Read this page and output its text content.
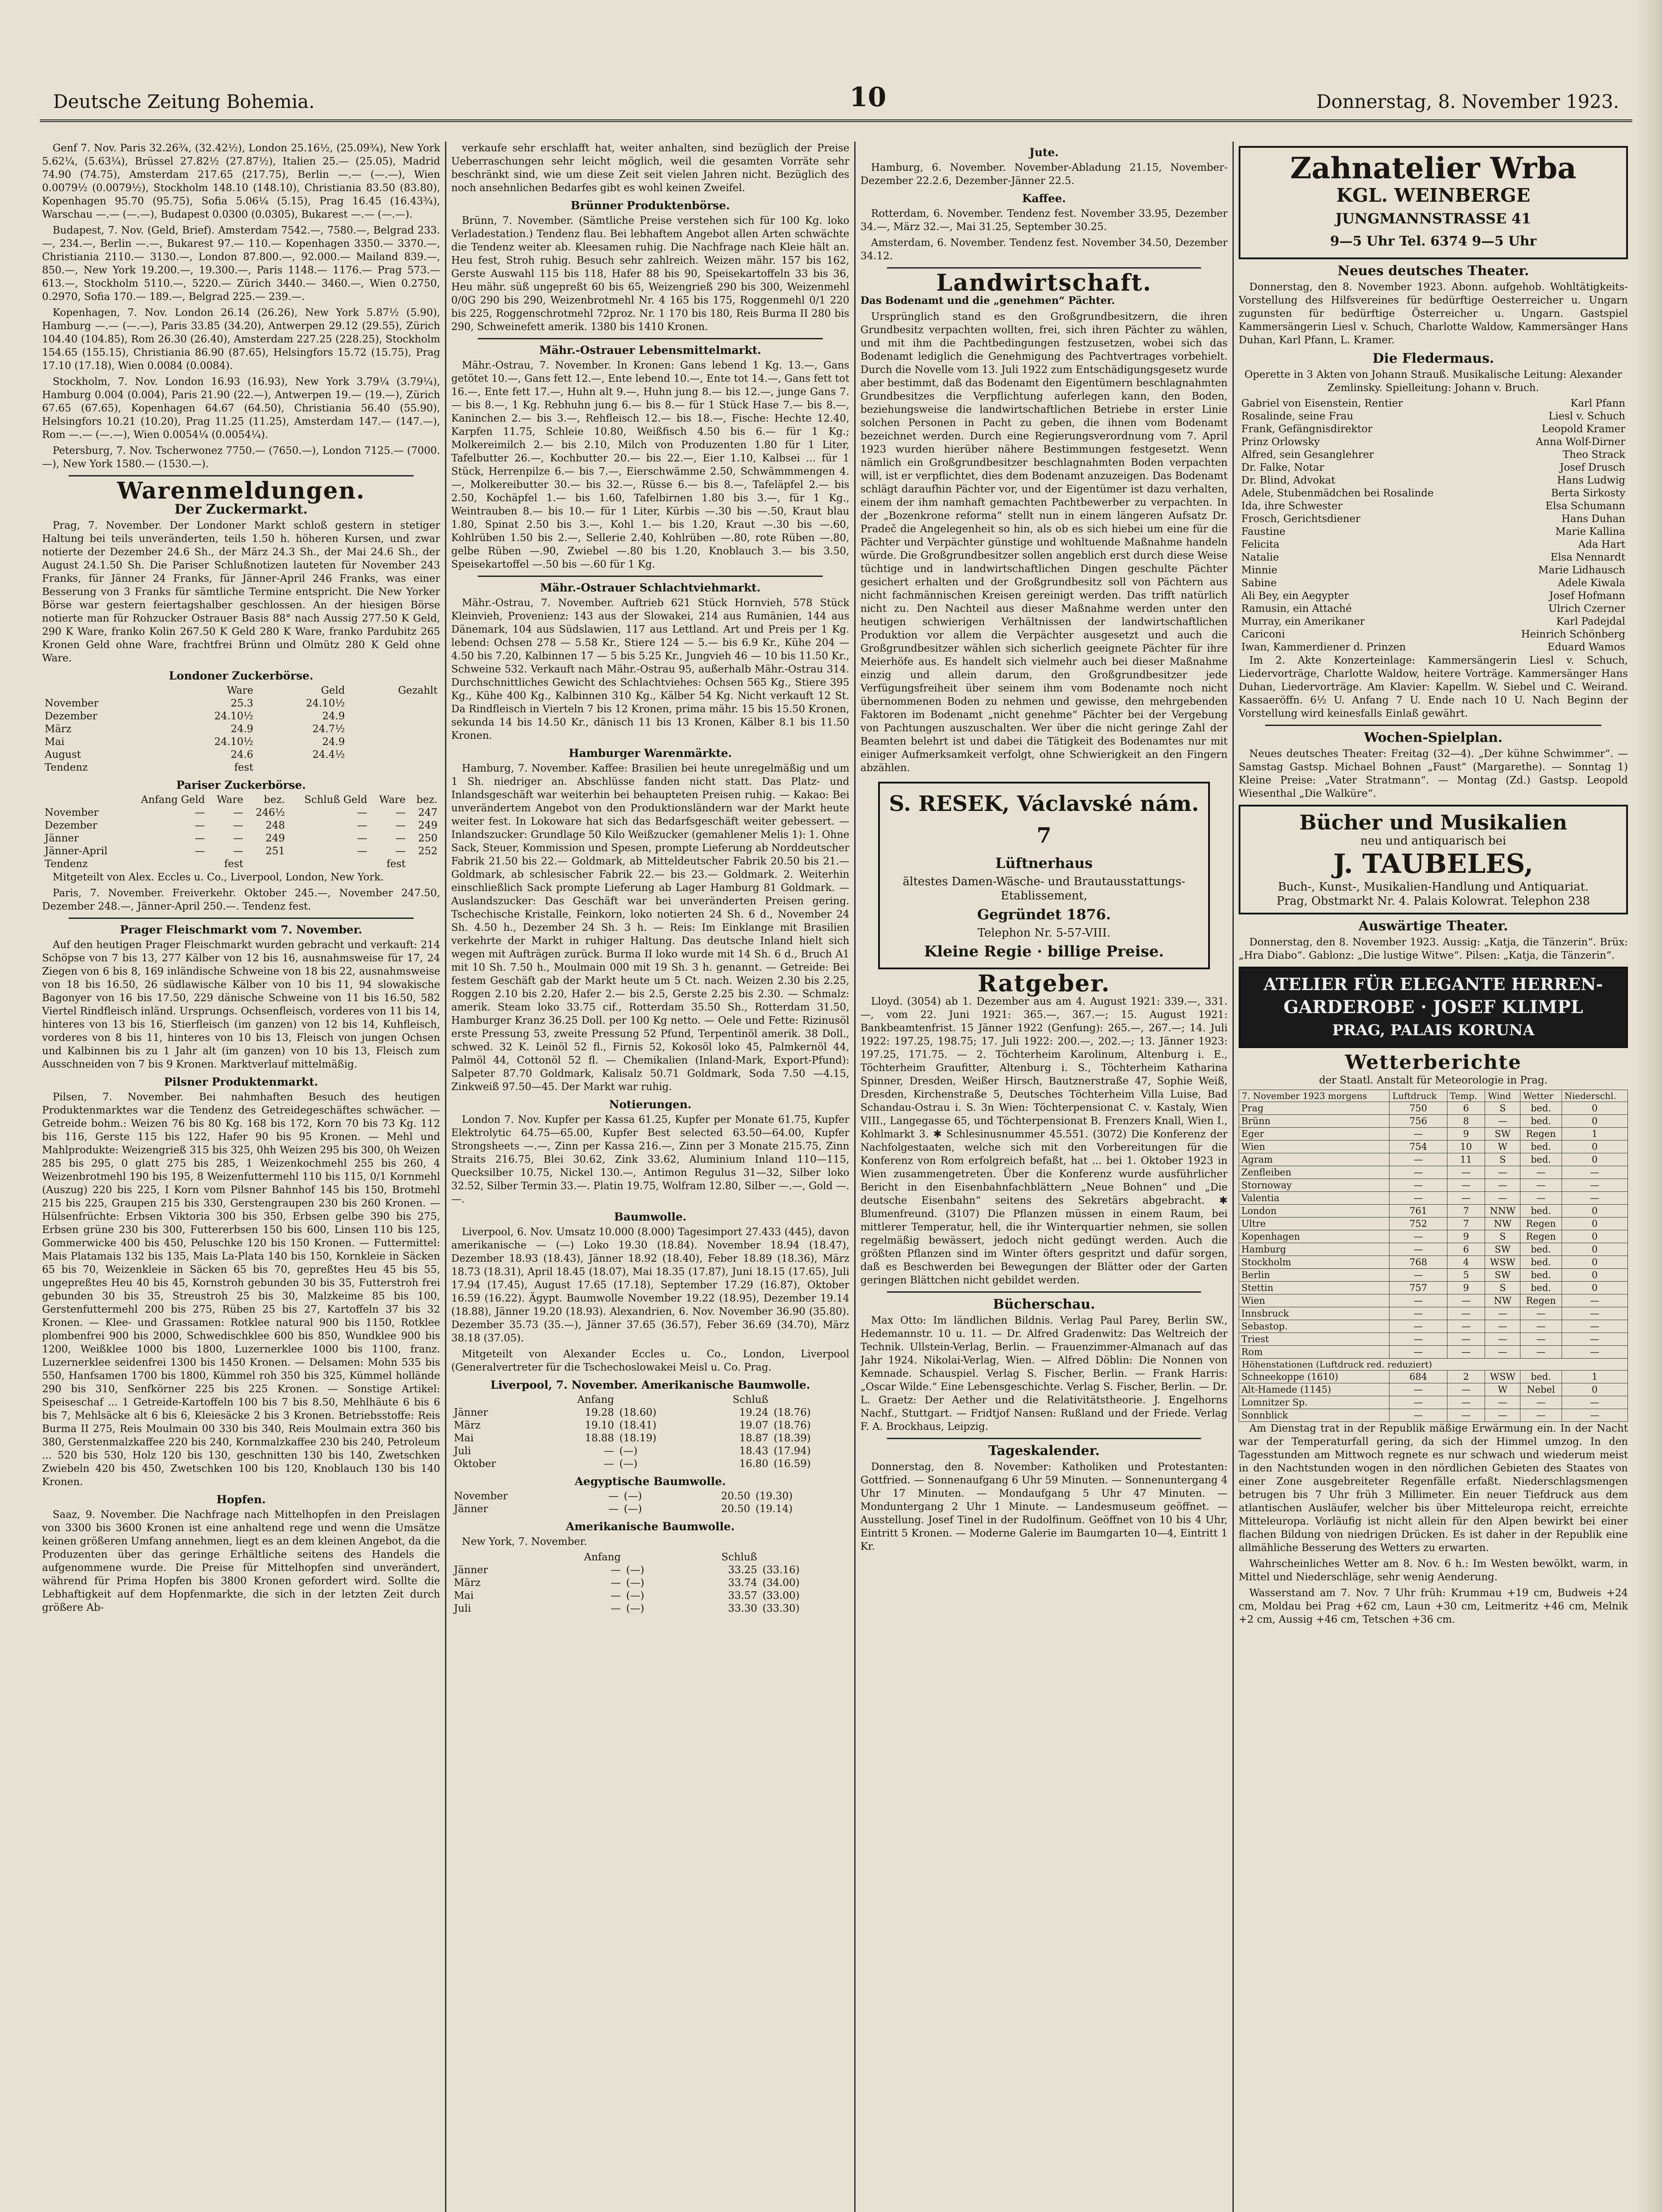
Deutsche Zeitung Bohemia.	10	Donnerstag, 8. November 1923.

Genf 7. Nov. Paris 32.26¾, (32.42½), London 25.16½, (25.09¾), New York 5.62¼, (5.63¼), Brüssel 27.82½ (27.87½), Italien 25.— (25.05), Madrid 74.90 (74.75), Amsterdam 217.65 (217.75), Berlin —.— (—.—), Wien 0.0079½ (0.0079½), Stockholm 148.10 (148.10), Christiania 83.50 (83.80), Kopenhagen 95.70 (95.75), Sofia 5.06¼ (5.15), Prag 16.45 (16.43¾), Warschau —.— (—.—), Budapest 0.0300 (0.0305), Bukarest —.— (—.—).

Budapest, 7. Nov. (Geld, Brief). Amsterdam 7542.—, 7580.—, Belgrad 233.—, 234.—, Berlin —.—, Bukarest 97.— 110.— Kopenhagen 3350.— 3370.—, Christiania 2110.— 3130.—, London 87.800.—, 92.000.— Mailand 839.—, 850.—, New York 19.200.—, 19.300.—, Paris 1148.— 1176.— Prag 573.— 613.—, Stockholm 5110.—, 5220.— Zürich 3440.— 3460.—, Wien 0.2750, 0.2970, Sofia 170.— 189.—, Belgrad 225.— 239.—.

Kopenhagen, 7. Nov. London 26.14 (26.26), New York 5.87½ (5.90), Hamburg —.— (—.—), Paris 33.85 (34.20), Antwerpen 29.12 (29.55), Zürich 104.40 (104.85), Rom 26.30 (26.40), Amsterdam 227.25 (228.25), Stockholm 154.65 (155.15), Christiania 86.90 (87.65), Helsingfors 15.72 (15.75), Prag 17.10 (17.18), Wien 0.0084 (0.0084).

Stockholm, 7. Nov. London 16.93 (16.93), New York 3.79¼ (3.79¼), Hamburg 0.004 (0.004), Paris 21.90 (22.—), Antwerpen 19.— (19.—), Zürich 67.65 (67.65), Kopenhagen 64.67 (64.50), Christiania 56.40 (55.90), Helsingfors 10.21 (10.20), Prag 11.25 (11.25), Amsterdam 147.— (147.—), Rom —.— (—.—), Wien 0.0054¼ (0.0054¼).

Petersburg, 7. Nov. Tscherwonez 7750.— (7650.—), London 7125.— (7000.—), New York 1580.— (1530.—).

Warenmeldungen.
Der Zuckermarkt.

Prag, 7. November. Der Londoner Markt schloß gestern in stetiger Haltung bei teils unveränderten, teils 1.50 h. höheren Kursen, und zwar notierte der Dezember 24.6 Sh., der März 24.3 Sh., der Mai 24.6 Sh., der August 24.1.50 Sh. Die Pariser Schlußnotizen lauteten für November 243 Franks, für Jänner 24 Franks, für Jänner-April 246 Franks, was einer Besserung von 3 Franks für sämtliche Termine entspricht. Die New Yorker Börse war gestern feiertagshalber geschlossen. An der hiesigen Börse notierte man für Rohzucker Ostrauer Basis 88° nach Aussig 277.50 K Geld, 290 K Ware, franko Kolin 267.50 K Geld 280 K Ware, franko Pardubitz 265 Kronen Geld ohne Ware, frachtfrei Brünn und Olmütz 280 K Geld ohne Ware.

Londoner Zuckerbörse.
	Ware	Geld	Gezahlt
November	25.3	24.10½	
Dezember	24.10½	24.9	
März	24.9	24.7½	
Mai	24.10½	24.9	
August	24.6	24.4½	
Tendenz	fest		
Pariser Zuckerbörse.
	Anfang Geld	Ware	bez.	Schluß Geld	Ware	bez.
November	—	—	246½	—	—	247
Dezember	—	—	248	—	—	249
Jänner	—	—	249	—	—	250
Jänner-April	—	—	251	—	—	252
Tendenz		fest			fest	

Mitgeteilt von Alex. Eccles u. Co., Liverpool, London, New York.

Paris, 7. November. Freiverkehr. Oktober 245.—, November 247.50, Dezember 248.—, Jänner-April 250.—. Tendenz fest.

Prager Fleischmarkt vom 7. November.

Auf den heutigen Prager Fleischmarkt wurden gebracht und verkauft: 214 Schöpse von 7 bis 13, 277 Kälber von 12 bis 16, ausnahmsweise für 17, 24 Ziegen von 6 bis 8, 169 inländische Schweine von 18 bis 22, ausnahmsweise von 18 bis 16.50, 26 südlawische Kälber von 10 bis 11, 94 slowakische Bagonyer von 16 bis 17.50, 229 dänische Schweine von 11 bis 16.50, 582 Viertel Rindfleisch inländ. Ursprungs. Ochsenfleisch, vorderes von 11 bis 14, hinteres von 13 bis 16, Stierfleisch (im ganzen) von 12 bis 14, Kuhfleisch, vorderes von 8 bis 11, hinteres von 10 bis 13, Fleisch von jungen Ochsen und Kalbinnen bis zu 1 Jahr alt (im ganzen) von 10 bis 13, Fleisch zum Ausschneiden von 7 bis 9 Kronen. Marktverlauf mittelmäßig.

Pilsner Produktenmarkt.

Pilsen, 7. November. Bei nahmhaften Besuch des heutigen Produktenmarktes war die Tendenz des Getreidegeschäftes schwächer. — Getreide bohm.: Weizen 76 bis 80 Kg. 168 bis 172, Korn 70 bis 73 Kg. 112 bis 116, Gerste 115 bis 122, Hafer 90 bis 95 Kronen. — Mehl und Mahlprodukte: Weizengrieß 315 bis 325, 0hh Weizen 295 bis 300, 0h Weizen 285 bis 295, 0 glatt 275 bis 285, 1 Weizenkochmehl 255 bis 260, 4 Weizenbrotmehl 190 bis 195, 8 Weizenfuttermehl 110 bis 115, 0/1 Kornmehl (Auszug) 220 bis 225, I Korn vom Pilsner Bahnhof 145 bis 150, Brotmehl 215 bis 225, Graupen 215 bis 330, Gerstengraupen 230 bis 260 Kronen. — Hülsenfrüchte: Erbsen Viktoria 300 bis 350, Erbsen gelbe 390 bis 275, Erbsen grüne 230 bis 300, Futtererbsen 150 bis 600, Linsen 110 bis 125, Gommerwicke 400 bis 450, Peluschke 120 bis 150 Kronen. — Futtermittel: Mais Platamais 132 bis 135, Mais La-Plata 140 bis 150, Kornkleie in Säcken 65 bis 70, Weizenkleie in Säcken 65 bis 70, gepreßtes Heu 45 bis 55, ungepreßtes Heu 40 bis 45, Kornstroh gebunden 30 bis 35, Futterstroh frei gebunden 30 bis 35, Streustroh 25 bis 30, Malzkeime 85 bis 100, Gerstenfuttermehl 200 bis 275, Rüben 25 bis 27, Kartoffeln 37 bis 32 Kronen. — Klee- und Grassamen: Rotklee natural 900 bis 1150, Rotklee plombenfrei 900 bis 2000, Schwedischklee 600 bis 850, Wundklee 900 bis 1200, Weißklee 1000 bis 1800, Luzernerklee 1000 bis 1100, franz. Luzernerklee seidenfrei 1300 bis 1450 Kronen. — Delsamen: Mohn 535 bis 550, Hanfsamen 1700 bis 1800, Kümmel roh 350 bis 325, Kümmel hollände 290 bis 310, Senfkörner 225 bis 225 Kronen. — Sonstige Artikel: Speiseschaf ... 1 Getreide-Kartoffeln 100 bis 7 bis 8.50, Mehlhäute 6 bis 6 bis 7, Mehlsäcke alt 6 bis 6, Kleiesäcke 2 bis 3 Kronen. Betriebsstoffe: Reis Burma II 275, Reis Moulmain 00 330 bis 340, Reis Moulmain extra 360 bis 380, Gerstenmalzkaffee 220 bis 240, Kornmalzkaffee 230 bis 240, Petroleum ... 520 bis 530, Holz 120 bis 130, geschnitten 130 bis 140, Zwetschken Zwiebeln 420 bis 450, Zwetschken 100 bis 120, Knoblauch 130 bis 140 Kronen.

Hopfen.

Saaz, 9. November. Die Nachfrage nach Mittelhopfen in den Preislagen von 3300 bis 3600 Kronen ist eine anhaltend rege und wenn die Umsätze keinen größeren Umfang annehmen, liegt es an dem kleinen Angebot, da die Produzenten über das geringe Erhältliche seitens des Handels die aufgenommene wurde. Die Preise für Mittelhopfen sind unverändert, während für Prima Hopfen bis 3800 Kronen gefordert wird. Sollte die Lebhaftigkeit auf dem Hopfenmarkte, die sich in der letzten Zeit durch größere Ab-

verkaufe sehr erschlafft hat, weiter anhalten, sind bezüglich der Preise Ueberraschungen sehr leicht möglich, weil die gesamten Vorräte sehr beschränkt sind, wie um diese Zeit seit vielen Jahren nicht. Bezüglich des noch ansehnlichen Bedarfes gibt es wohl keinen Zweifel.

Brünner Produktenbörse.

Brünn, 7. November. (Sämtliche Preise verstehen sich für 100 Kg. loko Verladestation.) Tendenz flau. Bei lebhaftem Angebot allen Arten schwächte die Tendenz weiter ab. Kleesamen ruhig. Die Nachfrage nach Kleie hält an. Heu fest, Stroh ruhig. Besuch sehr zahlreich. Weizen mähr. 157 bis 162, Gerste Auswahl 115 bis 118, Hafer 88 bis 90, Speisekartoffeln 33 bis 36, Heu mähr. süß ungepreßt 60 bis 65, Weizengrieß 290 bis 300, Weizenmehl 0/0G 290 bis 290, Weizenbrotmehl Nr. 4 165 bis 175, Roggenmehl 0/1 220 bis 225, Roggenschrotmehl 72proz. Nr. 1 170 bis 180, Reis Burma II 280 bis 290, Schweinefett amerik. 1380 bis 1410 Kronen.

Mähr.-Ostrauer Lebensmittelmarkt.

Mähr.-Ostrau, 7. November. In Kronen: Gans lebend 1 Kg. 13.—, Gans getötet 10.—, Gans fett 12.—, Ente lebend 10.—, Ente tot 14.—, Gans fett tot 16.—, Ente fett 17.—, Huhn alt 9.—, Huhn jung 8.— bis 12.—, junge Gans 7.— bis 8.—, 1 Kg. Rebhuhn jung 6.— bis 8.— für 1 Stück Hase 7.— bis 8.—, Kaninchen 2.— bis 3.—, Rehfleisch 12.— bis 18.—, Fische: Hechte 12.40, Karpfen 11.75, Schleie 10.80, Weißfisch 4.50 bis 6.— für 1 Kg.; Molkereimilch 2.— bis 2.10, Milch von Produzenten 1.80 für 1 Liter, Tafelbutter 26.—, Kochbutter 20.— bis 22.—, Eier 1.10, Kalbsei ... für 1 Stück, Herrenpilze 6.— bis 7.—, Eierschwämme 2.50, Schwämmmengen 4.—, Molkereibutter 30.— bis 32.—, Rüsse 6.— bis 8.—, Tafeläpfel 2.— bis 2.50, Kochäpfel 1.— bis 1.60, Tafelbirnen 1.80 bis 3.—, für 1 Kg., Weintrauben 8.— bis 10.— für 1 Liter, Kürbis —.30 bis —.50, Kraut blau 1.80, Spinat 2.50 bis 3.—, Kohl 1.— bis 1.20, Kraut —.30 bis —.60, Kohlrüben 1.50 bis 2.—, Sellerie 2.40, Kohlrüben —.80, rote Rüben —.80, gelbe Rüben —.90, Zwiebel —.80 bis 1.20, Knoblauch 3.— bis 3.50, Speisekartoffel —.50 bis —.60 für 1 Kg.

Mähr.-Ostrauer Schlachtviehmarkt.

Mähr.-Ostrau, 7. November. Auftrieb 621 Stück Hornvieh, 578 Stück Kleinvieh, Provenienz: 143 aus der Slowakei, 214 aus Rumänien, 144 aus Dänemark, 104 aus Südslawien, 117 aus Lettland. Art und Preis per 1 Kg. lebend: Ochsen 278 — 5.58 Kr., Stiere 124 — 5.— bis 6.9 Kr., Kühe 204 — 4.50 bis 7.20, Kalbinnen 17 — 5 bis 5.25 Kr., Jungvieh 46 — 10 bis 11.50 Kr., Schweine 532. Verkauft nach Mähr.-Ostrau 95, außerhalb Mähr.-Ostrau 314. Durchschnittliches Gewicht des Schlachtviehes: Ochsen 565 Kg., Stiere 395 Kg., Kühe 400 Kg., Kalbinnen 310 Kg., Kälber 54 Kg. Nicht verkauft 12 St. Da Rindfleisch in Vierteln 7 bis 12 Kronen, prima mähr. 15 bis 15.50 Kronen, sekunda 14 bis 14.50 Kr., dänisch 11 bis 13 Kronen, Kälber 8.1 bis 11.50 Kronen.

Hamburger Warenmärkte.

Hamburg, 7. November. Kaffee: Brasilien bei heute unregelmäßig und um 1 Sh. niedriger an. Abschlüsse fanden nicht statt. Das Platz- und Inlandsgeschäft war weiterhin bei behaupteten Preisen ruhig. — Kakao: Bei unverändertem Angebot von den Produktionsländern war der Markt heute weiter fest. In Lokoware hat sich das Bedarfsgeschäft weiter gebessert. — Inlandszucker: Grundlage 50 Kilo Weißzucker (gemahlener Melis 1): 1. Ohne Sack, Steuer, Kommission und Spesen, prompte Lieferung ab Norddeutscher Fabrik 21.50 bis 22.— Goldmark, ab Mitteldeutscher Fabrik 20.50 bis 21.— Goldmark, ab schlesischer Fabrik 22.— bis 23.— Goldmark. 2. Weiterhin einschließlich Sack prompte Lieferung ab Lager Hamburg 81 Goldmark. — Auslandszucker: Das Geschäft war bei unveränderten Preisen gering. Tschechische Kristalle, Feinkorn, loko notierten 24 Sh. 6 d., November 24 Sh. 4.50 h., Dezember 24 Sh. 3 h. — Reis: Im Einklange mit Brasilien verkehrte der Markt in ruhiger Haltung. Das deutsche Inland hielt sich wegen mit Aufträgen zurück. Burma II loko wurde mit 14 Sh. 6 d., Bruch A1 mit 10 Sh. 7.50 h., Moulmain 000 mit 19 Sh. 3 h. genannt. — Getreide: Bei festem Geschäft gab der Markt heute um 5 Ct. nach. Weizen 2.30 bis 2.25, Roggen 2.10 bis 2.20, Hafer 2.— bis 2.5, Gerste 2.25 bis 2.30. — Schmalz: amerik. Steam loko 33.75 cif., Rotterdam 35.50 Sh., Rotterdam 31.50, Hamburger Kranz 36.25 Doll. per 100 Kg netto. — Oele und Fette: Rizinusöl erste Pressung 53, zweite Pressung 52 Pfund, Terpentinöl amerik. 38 Doll., schwed. 32 K. Leinöl 52 fl., Firnis 52, Kokosöl loko 45, Palmkernöl 44, Palmöl 44, Cottonöl 52 fl. — Chemikalien (Inland-Mark, Export-Pfund): Salpeter 87.70 Goldmark, Kalisalz 50.71 Goldmark, Soda 7.50 —4.15, Zinkweiß 97.50—45. Der Markt war ruhig.

Notierungen.

London 7. Nov. Kupfer per Kassa 61.25, Kupfer per Monate 61.75, Kupfer Elektrolytic 64.75—65.00, Kupfer Best selected 63.50—64.00, Kupfer Strongsheets —.—, Zinn per Kassa 216.—, Zinn per 3 Monate 215.75, Zinn Straits 216.75, Blei 30.62, Zink 33.62, Aluminium Inland 110—115, Quecksilber 10.75, Nickel 130.—, Antimon Regulus 31—32, Silber loko 32.52, Silber Termin 33.—. Platin 19.75, Wolfram 12.80, Silber —.—, Gold —.—.

Baumwolle.

Liverpool, 6. Nov. Umsatz 10.000 (8.000) Tagesimport 27.433 (445), davon amerikanische — (—) Loko 19.30 (18.84). November 18.94 (18.47), Dezember 18.93 (18.43), Jänner 18.92 (18.40), Feber 18.89 (18.36), März 18.73 (18.31), April 18.45 (18.07), Mai 18.35 (17.87), Juni 18.15 (17.65), Juli 17.94 (17.45), August 17.65 (17.18), September 17.29 (16.87), Oktober 16.59 (16.22). Ägypt. Baumwolle November 19.22 (18.95), Dezember 19.14 (18.88), Jänner 19.20 (18.93). Alexandrien, 6. Nov. November 36.90 (35.80). Dezember 35.73 (35.—), Jänner 37.65 (36.57), Feber 36.69 (34.70), März 38.18 (37.05).

Mitgeteilt von Alexander Eccles u. Co., London, Liverpool (Generalvertreter für die Tschechoslowakei Meisl u. Co. Prag.

Liverpool, 7. November. Amerikanische Baumwolle.
	Anfang		Schluß	
Jänner	19.28	(18.60)	19.24	(18.76)
März	19.10	(18.41)	19.07	(18.76)
Mai	18.88	(18.19)	18.87	(18.39)
Juli	—	(—)	18.43	(17.94)
Oktober	—	(—)	16.80	(16.59)
Aegyptische Baumwolle.
November	—	(—)	20.50	(19.30)
Jänner	—	(—)	20.50	(19.14)
Amerikanische Baumwolle.

New York, 7. November.

	Anfang		Schluß	
Jänner	—	(—)	33.25	(33.16)
März	—	(—)	33.74	(34.00)
Mai	—	(—)	33.57	(33.00)
Juli	—	(—)	33.30	(33.30)
Jute.

Hamburg, 6. November. November-Abladung 21.15, November-Dezember 22.2.6, Dezember-Jänner 22.5.

Kaffee.

Rotterdam, 6. November. Tendenz fest. November 33.95, Dezember 34.—, März 32.—, Mai 31.25, September 30.25.

Amsterdam, 6. November. Tendenz fest. November 34.50, Dezember 34.12.

Landwirtschaft.

Das Bodenamt und die „genehmen“ Pächter.

Ursprünglich stand es den Großgrundbesitzern, die ihren Grundbesitz verpachten wollten, frei, sich ihren Pächter zu wählen, und mit ihm die Pachtbedingungen festzusetzen, wobei sich das Bodenamt lediglich die Genehmigung des Pachtvertrages vorbehielt. Durch die Novelle vom 13. Juli 1922 zum Entschädigungsgesetz wurde aber bestimmt, daß das Bodenamt den Eigentümern beschlagnahmten Grundbesitzes die Verpflichtung auferlegen kann, den Boden, beziehungsweise die landwirtschaftlichen Betriebe in erster Linie solchen Personen in Pacht zu geben, die ihnen vom Bodenamt bezeichnet werden. Durch eine Regierungsverordnung vom 7. April 1923 wurden hierüber nähere Bestimmungen festgesetzt. Wenn nämlich ein Großgrundbesitzer beschlagnahmten Boden verpachten will, ist er verpflichtet, dies dem Bodenamt anzuzeigen. Das Bodenamt schlägt daraufhin Pächter vor, und der Eigentümer ist dazu verhalten, einem der ihm namhaft gemachten Pachtbewerber zu verpachten. In der „Bozenkrone reforma“ stellt nun in einem längeren Aufsatz Dr. Pradeč die Angelegenheit so hin, als ob es sich hiebei um eine für die Pächter und Verpächter günstige und wohltuende Maßnahme handeln würde. Die Großgrundbesitzer sollen angeblich erst durch diese Weise tüchtige und in landwirtschaftlichen Dingen geschulte Pächter gesichert erhalten und der Großgrundbesitz soll von Pächtern aus nicht fachmännischen Kreisen gereinigt werden. Das trifft natürlich nicht zu. Den Nachteil aus dieser Maßnahme werden unter den heutigen schwierigen Verhältnissen der landwirtschaftlichen Produktion vor allem die Verpächter ausgesetzt und auch die Großgrundbesitzer wählen sich sicherlich geeignete Pächter für ihre Meierhöfe aus. Es handelt sich vielmehr auch bei dieser Maßnahme einzig und allein darum, den Großgrundbesitzer jede Verfügungsfreiheit über seinem ihm vom Bodenamte noch nicht übernommenen Boden zu nehmen und gewisse, den mehrgebenden Faktoren im Bodenamt „nicht genehme“ Pächter bei der Vergebung von Pachtungen auszuschalten. Wer über die nicht geringe Zahl der Beamten belehrt ist und dabei die Tätigkeit des Bodenamtes nur mit einiger Aufmerksamkeit verfolgt, ohne Schwierigkeit an den Fingern abzählen.

S. RESEK, Václavské nám. 7
Lüftnerhaus
ältestes Damen-Wäsche- und Brautausstattungs-Etablissement,
Gegründet 1876.
Telephon Nr. 5-57-VIII.
Kleine Regie · billige Preise.
Ratgeber.

Lloyd. (3054) ab 1. Dezember aus am 4. August 1921: 339.—, 331.—, vom 22. Juni 1921: 365.—, 367.—; 15. August 1921: Bankbeamtenfrist. 15 Jänner 1922 (Genfung): 265.—, 267.—; 14. Juli 1922: 197.25, 198.75; 17. Juli 1922: 200.—, 202.—; 13. Jänner 1923: 197.25, 171.75. — 2. Töchterheim Karolinum, Altenburg i. E., Töchterheim Graufitter, Altenburg i. S., Töchterheim Katharina Spinner, Dresden, Weißer Hirsch, Bautznerstraße 47, Sophie Weiß, Dresden, Kirchenstraße 5, Deutsches Töchterheim Villa Luise, Bad Schandau-Ostrau i. S. 3n Wien: Töchterpensionat C. v. Kastaly, Wien VIII., Langegasse 65, und Töchterpensionat B. Frenzers Knall, Wien I., Kohlmarkt 3. ✱ Schlesinusnummer 45.551. (3072) Die Konferenz der Nachfolgestaaten, welche sich mit den Vorbereitungen für die Konferenz von Rom erfolgreich befaßt, hat ... bei 1. Oktober 1923 in Wien zusammengetreten. Über die Konferenz wurde ausführlicher Bericht in den Eisenbahnfachblättern „Neue Bohnen“ und „Die deutsche Eisenbahn“ seitens des Sekretärs abgebracht. ✱ Blumenfreund. (3107) Die Pflanzen müssen in einem Raum, bei mittlerer Temperatur, hell, die ihr Winterquartier nehmen, sie sollen regelmäßig bewässert, jedoch nicht gedüngt werden. Auch die größten Pflanzen sind im Winter öfters gespritzt und dafür sorgen, daß es Beschwerden bei Bewegungen der Blätter oder der Garten geringen Blättchen nicht gebildet werden.

Bücherschau.

Max Otto: Im ländlichen Bildnis. Verlag Paul Parey, Berlin SW., Hedemannstr. 10 u. 11. — Dr. Alfred Gradenwitz: Das Weltreich der Technik. Ullstein-Verlag, Berlin. — Frauenzimmer-Almanach auf das Jahr 1924. Nikolai-Verlag, Wien. — Alfred Döblin: Die Nonnen von Kemnade. Schauspiel. Verlag S. Fischer, Berlin. — Frank Harris: „Oscar Wilde.“ Eine Lebensgeschichte. Verlag S. Fischer, Berlin. — Dr. L. Graetz: Der Aether und die Relativitätstheorie. J. Engelhorns Nachf., Stuttgart. — Fridtjof Nansen: Rußland und der Friede. Verlag F. A. Brockhaus, Leipzig.

Tageskalender.

Donnerstag, den 8. November: Katholiken und Protestanten: Gottfried. — Sonnenaufgang 6 Uhr 59 Minuten. — Sonnenuntergang 4 Uhr 17 Minuten. — Mondaufgang 5 Uhr 47 Minuten. — Monduntergang 2 Uhr 1 Minute. — Landesmuseum geöffnet. — Ausstellung. Josef Tinel in der Rudolfinum. Geöffnet von 10 bis 4 Uhr, Eintritt 5 Kronen. — Moderne Galerie im Baumgarten 10—4, Eintritt 1 Kr.

Zahnatelier Wrba
KGL. WEINBERGE
JUNGMANNSTRASSE 41
9—5 Uhr Tel. 6374 9—5 Uhr
Neues deutsches Theater.

Donnerstag, den 8. November 1923. Abonn. aufgehob. Wohltätigkeits-Vorstellung des Hilfsvereines für bedürftige Oesterreicher u. Ungarn zugunsten für bedürftige Österreicher u. Ungarn. Gastspiel Kammersängerin Liesl v. Schuch, Charlotte Waldow, Kammersänger Hans Duhan, Karl Pfann, L. Kramer.

Die Fledermaus.

Operette in 3 Akten von Johann Strauß. Musikalische Leitung: Alexander Zemlinsky. Spielleitung: Johann v. Bruch.

Gabriel von Eisenstein, Rentier	Karl Pfann
Rosalinde, seine Frau	Liesl v. Schuch
Frank, Gefängnisdirektor	Leopold Kramer
Prinz Orlowsky	Anna Wolf-Dirner
Alfred, sein Gesanglehrer	Theo Strack
Dr. Falke, Notar	Josef Drusch
Dr. Blind, Advokat	Hans Ludwig
Adele, Stubenmädchen bei Rosalinde	Berta Sirkosty
Ida, ihre Schwester	Elsa Schumann
Frosch, Gerichtsdiener	Hans Duhan
Faustine	Marie Kallina
Felicita	Ada Hart
Natalie	Elsa Nennardt
Minnie	Marie Lidhausch
Sabine	Adele Kiwala
Ali Bey, ein Aegypter	Josef Hofmann
Ramusin, ein Attaché	Ulrich Czerner
Murray, ein Amerikaner	Karl Padejdal
Cariconi	Heinrich Schönberg
Iwan, Kammerdiener d. Prinzen	Eduard Wamos

Im 2. Akte Konzerteinlage: Kammersängerin Liesl v. Schuch, Liedervorträge, Charlotte Waldow, heitere Vorträge. Kammersänger Hans Duhan, Liedervorträge. Am Klavier: Kapellm. W. Siebel und C. Weirand. Kassaeröffn. 6½ U. Anfang 7 U. Ende nach 10 U. Nach Beginn der Vorstellung wird keinesfalls Einlaß gewährt.

Wochen-Spielplan.

Neues deutsches Theater: Freitag (32—4). „Der kühne Schwimmer“. — Samstag Gastsp. Michael Bohnen „Faust“ (Margarethe). — Sonntag 1) Kleine Preise: „Vater Stratmann“. — Montag (Zd.) Gastsp. Leopold Wiesenthal „Die Walküre“.

Bücher und Musikalien
neu und antiquarisch bei
J. TAUBELES,
Buch-, Kunst-, Musikalien-Handlung und Antiquariat.
Prag, Obstmarkt Nr. 4. Palais Kolowrat. Telephon 238
Auswärtige Theater.

Donnerstag, den 8. November 1923. Aussig: „Katja, die Tänzerin“. Brüx: „Hra Diabo“. Gablonz: „Die lustige Witwe“. Pilsen: „Katja, die Tänzerin“.

ATELIER FÜR ELEGANTE HERREN-
GARDEROBE · JOSEF KLIMPL
PRAG, PALAIS KORUNA
Wetterberichte

der Staatl. Anstalt für Meteorologie in Prag.

7. November 1923 morgens	Luftdruck	Temp.	Wind	Wetter	Niederschl.
Prag	750	6	S	bed.	0
Brünn	756	8	—	bed.	0
Eger	—	9	SW	Regen	1
Wien	754	10	W	bed.	0
Agram	—	11	S	bed.	0
Zenfleiben	—	—	—	—	—
Stornoway	—	—	—	—	—
Valentia	—	—	—	—	—
London	761	7	NNW	bed.	0
Ultre	752	7	NW	Regen	0
Kopenhagen	—	9	S	Regen	0
Hamburg	—	6	SW	bed.	0
Stockholm	768	4	WSW	bed.	0
Berlin	—	5	SW	bed.	0
Stettin	757	9	S	bed.	0
Wien	—	—	NW	Regen	—
Innsbruck	—	—	—	—	—
Sebastop.	—	—	—	—	—
Triest	—	—	—	—	—
Rom	—	—	—	—	—
Höhenstationen (Luftdruck red. reduziert)					
Schneekoppe (1610)	684	2	WSW	bed.	1
Alt-Hamede (1145)	—	—	W	Nebel	0
Lomnitzer Sp.	—	—	—	—	—
Sonnblick	—	—	—	—	—

Am Dienstag trat in der Republik mäßige Erwärmung ein. In der Nacht war der Temperaturfall gering, da sich der Himmel umzog. In den Tagesstunden am Mittwoch regnete es nur schwach und wiederum meist in den Nachtstunden wogen in den nördlichen Gebieten des Staates von einer Zone ausgebreiteter Regenfälle erfaßt. Niederschlagsmengen betrugen bis 7 Uhr früh 3 Millimeter. Ein neuer Tiefdruck aus dem atlantischen Ausläufer, welcher bis über Mitteleuropa reicht, erreichte Mitteleuropa. Vorläufig ist nicht allein für den Alpen bewirkt bei einer flachen Bildung von niedrigen Drücken. Es ist daher in der Republik eine allmähliche Besserung des Wetters zu erwarten.

Wahrscheinliches Wetter am 8. Nov. 6 h.: Im Westen bewölkt, warm, in Mittel und Niederschläge, sehr wenig Aenderung.

Wasserstand am 7. Nov. 7 Uhr früh: Krummau +19 cm, Budweis +24 cm, Moldau bei Prag +62 cm, Laun +30 cm, Leitmeritz +46 cm, Melnik +2 cm, Aussig +46 cm, Tetschen +36 cm.
